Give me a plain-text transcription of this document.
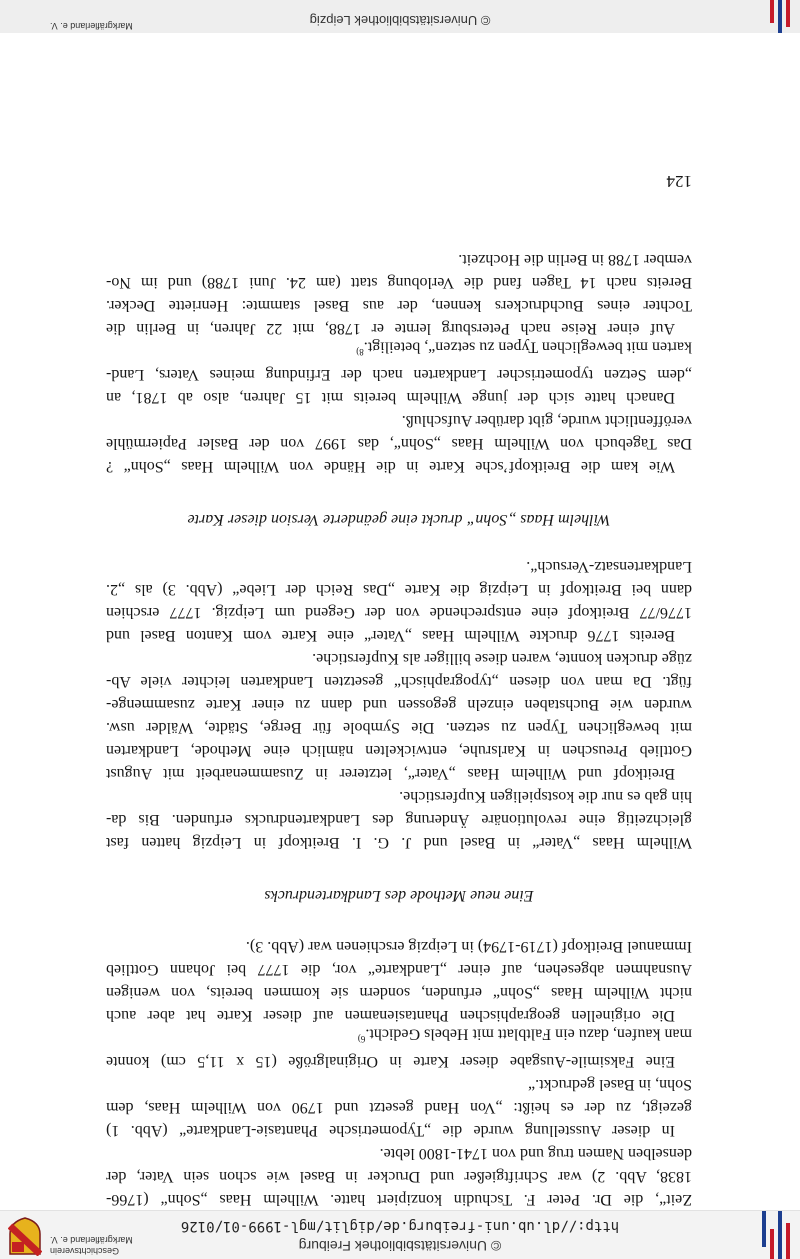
© Universitätsbibliothek Freiburg
http://dl.ub.uni-freiburg.de/diglit/mgl-1999-01/0126
Geschichtsverein
Markgräflerland e. V.
Zeit“, die Dr. Peter F. Tschudin konzipiert hatte. Wilhelm Haas „Sohn“ (1766-
1838, Abb. 2) war Schriftgießer und Drucker in Basel wie schon sein Vater, der
denselben Namen trug und von 1741-1800 lebte.
In dieser Ausstellung wurde die „Typometrische Phantasie-Landkarte“ (Abb. 1)
gezeigt, zu der es heißt: „Von Hand gesetzt und 1790 von Wilhelm Haas, dem
Sohn, in Basel gedruckt.“
Eine Faksimile-Ausgabe dieser Karte in Originalgröße (15 x 11,5 cm) konnte
man kaufen, dazu ein Faltblatt mit Hebels Gedicht.$^{6)}$
Die originellen geographischen Phantasienamen auf dieser Karte hat aber auch
nicht Wilhelm Haas „Sohn“ erfunden, sondern sie kommen bereits, von wenigen
Ausnahmen abgesehen, auf einer „Landkarte“ vor, die 1777 bei Johann Gottlieb
Immanuel Breitkopf (1719-1794) in Leipzig erschienen war (Abb. 3).
Eine neue Methode des Landkartendrucks
Wilhelm Haas „Vater“ in Basel und J. G. I. Breitkopf in Leipzig hatten fast
gleichzeitig eine revolutionäre Änderung des Landkartendrucks erfunden. Bis da-
hin gab es nur die kostspieligen Kupferstiche.
Breitkopf und Wilhelm Haas „Vater“, letzterer in Zusammenarbeit mit August
Gottlieb Preuschen in Karlsruhe, entwickelten nämlich eine Methode, Landkarten
mit beweglichen Typen zu setzen. Die Symbole für Berge, Städte, Wälder usw.
wurden wie Buchstaben einzeln gegossen und dann zu einer Karte zusammenge-
fügt. Da man von diesen „typographisch“ gesetzten Landkarten leichter viele Ab-
züge drucken konnte, waren diese billiger als Kupferstiche.
Bereits 1776 druckte Wilhelm Haas „Vater“ eine Karte vom Kanton Basel und
1776/77 Breitkopf eine entsprechende von der Gegend um Leipzig. 1777 erschien
dann bei Breitkopf in Leipzig die Karte „Das Reich der Liebe“ (Abb. 3) als „2.
Landkartensatz-Versuch“.
Wilhelm Haas „Sohn“ druckt eine geänderte Version dieser Karte
Wie kam die Breitkopf’sche Karte in die Hände von Wilhelm Haas „Sohn“ ?
Das Tagebuch von Wilhelm Haas „Sohn“, das 1997 von der Basler Papiermühle
veröffentlicht wurde, gibt darüber Aufschluß.
Danach hatte sich der junge Wilhelm bereits mit 15 Jahren, also ab 1781, an
„dem Setzen typometrischer Landkarten nach der Erfindung meines Vaters, Land-
karten mit beweglichen Typen zu setzen“, beteiligt.$^{8)}$
Auf einer Reise nach Petersburg lernte er 1788, mit 22 Jahren, in Berlin die
Tochter eines Buchdruckers kennen, der aus Basel stammte: Henriette Decker.
Bereits nach 14 Tagen fand die Verlobung statt (am 24. Juni 1788) und im No-
vember 1788 in Berlin die Hochzeit.
124
© Universitätsbibliothek Leipzig
Markgräflerland e. V.
